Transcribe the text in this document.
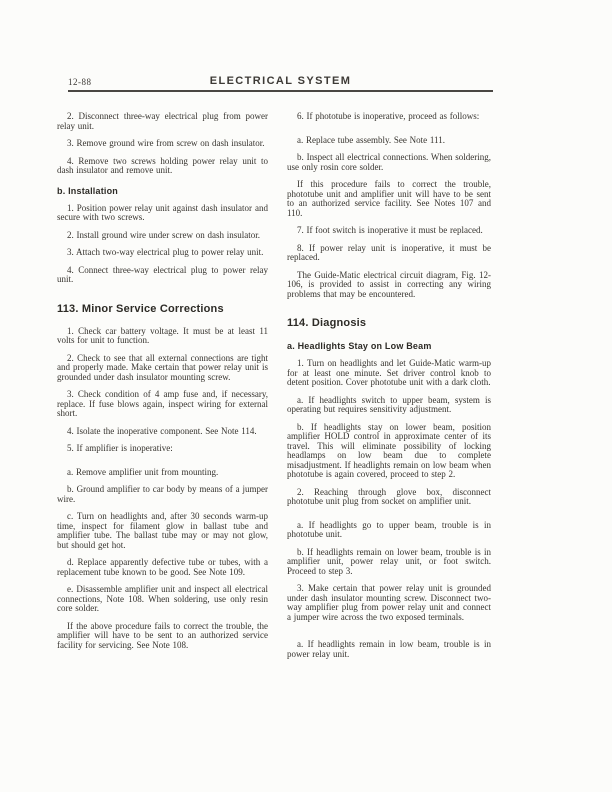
12-88	ELECTRICAL SYSTEM

2. Disconnect three-way electrical plug from power relay unit.

3. Remove ground wire from screw on dash insulator.

4. Remove two screws holding power relay unit to dash insulator and remove unit.

b. Installation

1. Position power relay unit against dash insulator and secure with two screws.

2. Install ground wire under screw on dash insulator.

3. Attach two-way electrical plug to power relay unit.

4. Connect three-way electrical plug to power relay unit.

113. Minor Service Corrections

1. Check car battery voltage. It must be at least 11 volts for unit to function.

2. Check to see that all external connections are tight and properly made. Make certain that power relay unit is grounded under dash insulator mounting screw.

3. Check condition of 4 amp fuse and, if necessary, replace. If fuse blows again, inspect wiring for external short.

4. Isolate the inoperative component. See Note 114.

5. If amplifier is inoperative:

a. Remove amplifier unit from mounting.

b. Ground amplifier to car body by means of a jumper wire.

c. Turn on headlights and, after 30 seconds warm-up time, inspect for filament glow in ballast tube and amplifier tube. The ballast tube may or may not glow, but should get hot.

d. Replace apparently defective tube or tubes, with a replacement tube known to be good. See Note 109.

e. Disassemble amplifier unit and inspect all electrical connections, Note 108. When soldering, use only resin core solder.

If the above procedure fails to correct the trouble, the amplifier will have to be sent to an authorized service facility for servicing. See Note 108.

6. If phototube is inoperative, proceed as follows:

a. Replace tube assembly. See Note 111.

b. Inspect all electrical connections. When soldering, use only rosin core solder.

If this procedure fails to correct the trouble, phototube unit and amplifier unit will have to be sent to an authorized service facility. See Notes 107 and 110.

7. If foot switch is inoperative it must be replaced.

8. If power relay unit is inoperative, it must be replaced.

The Guide-Matic electrical circuit diagram, Fig. 12-106, is provided to assist in correcting any wiring problems that may be encountered.

114. Diagnosis
a. Headlights Stay on Low Beam

1. Turn on headlights and let Guide-Matic warm-up for at least one minute. Set driver control knob to detent position. Cover phototube unit with a dark cloth.

a. If headlights switch to upper beam, system is operating but requires sensitivity adjustment.

b. If headlights stay on lower beam, position amplifier HOLD control in approximate center of its travel. This will eliminate possibility of locking headlamps on low beam due to complete misadjustment. If headlights remain on low beam when phototube is again covered, proceed to step 2.

2. Reaching through glove box, disconnect phototube unit plug from socket on amplifier unit.

a. If headlights go to upper beam, trouble is in phototube unit.

b. If headlights remain on lower beam, trouble is in amplifier unit, power relay unit, or foot switch. Proceed to step 3.

3. Make certain that power relay unit is grounded under dash insulator mounting screw. Disconnect two-way amplifier plug from power relay unit and connect a jumper wire across the two exposed terminals.

a. If headlights remain in low beam, trouble is in power relay unit.
